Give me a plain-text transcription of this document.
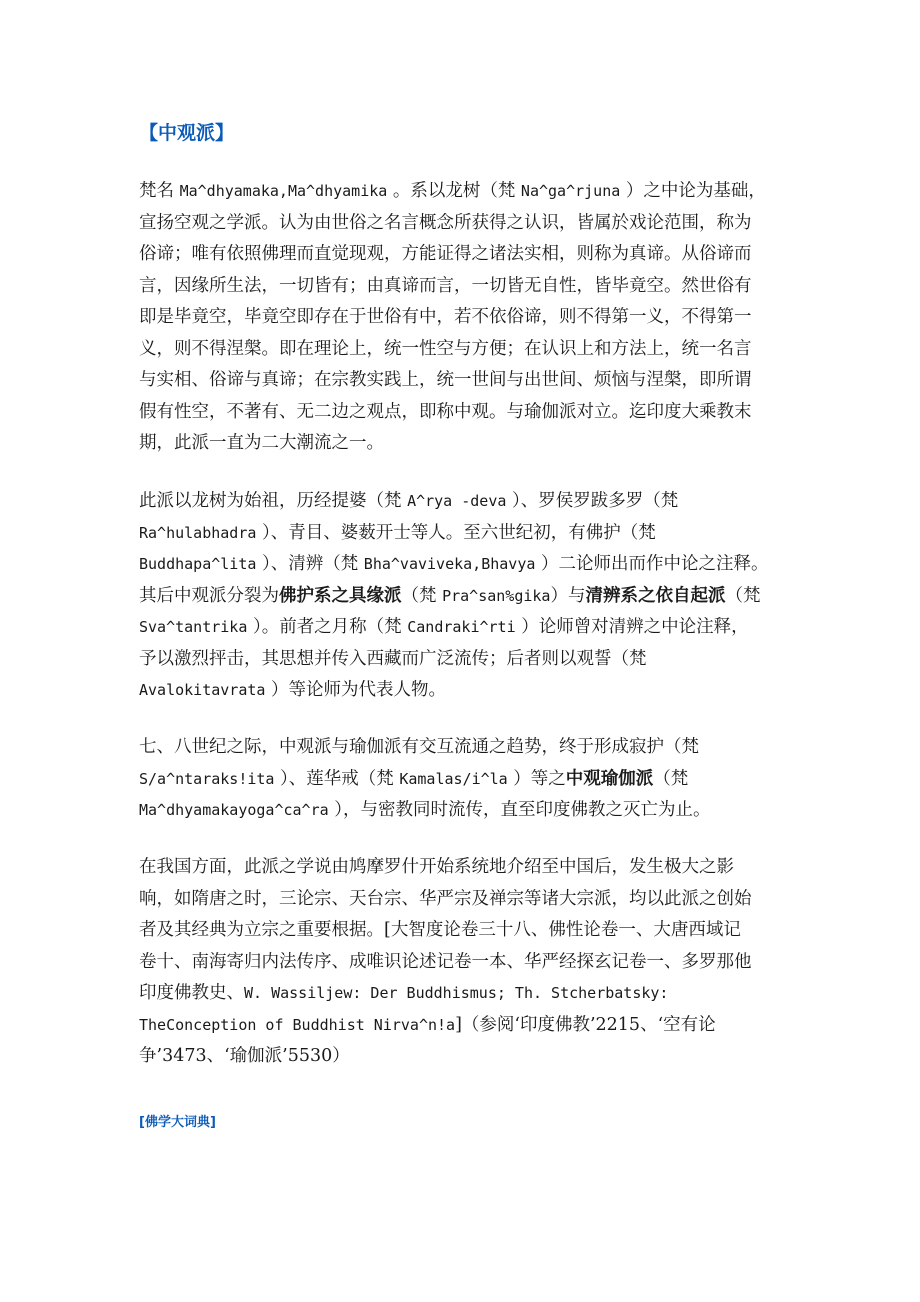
【中观派】
梵名 Ma^dhyamaka,Ma^dhyamika 。系以龙树（梵 Na^ga^rjuna ）之中论为基础，
宣扬空观之学派。认为由世俗之名言概念所获得之认识，皆属於戏论范围，称为
俗谛；唯有依照佛理而直觉现观，方能证得之诸法实相，则称为真谛。从俗谛而
言，因缘所生法，一切皆有；由真谛而言，一切皆无自性，皆毕竟空。然世俗有
即是毕竟空，毕竟空即存在于世俗有中，若不依俗谛，则不得第一义，不得第一
义，则不得涅槃。即在理论上，统一性空与方便；在认识上和方法上，统一名言
与实相、俗谛与真谛；在宗教实践上，统一世间与出世间、烦恼与涅槃，即所谓
假有性空，不著有、无二边之观点，即称中观。与瑜伽派对立。迄印度大乘教末
期，此派一直为二大潮流之一。
此派以龙树为始祖，历经提婆（梵 A^rya -deva ）、罗侯罗跋多罗（梵
Ra^hulabhadra ）、青目、婆薮开士等人。至六世纪初，有佛护（梵
Buddhapa^lita ）、清辨（梵 Bha^vaviveka,Bhavya ）二论师出而作中论之注释。
其后中观派分裂为佛护系之具缘派（梵 Pra^san%gika）与清辨系之依自起派（梵
Sva^tantrika ）。前者之月称（梵 Candraki^rti ）论师曾对清辨之中论注释，
予以激烈抨击，其思想并传入西藏而广泛流传；后者则以观誓（梵
Avalokitavrata ）等论师为代表人物。
七、八世纪之际，中观派与瑜伽派有交互流通之趋势，终于形成寂护（梵
S/a^ntaraks!ita ）、莲华戒（梵 Kamalas/i^la ）等之中观瑜伽派（梵
Ma^dhyamakayoga^ca^ra ），与密教同时流传，直至印度佛教之灭亡为止。
在我国方面，此派之学说由鸠摩罗什开始系统地介绍至中国后，发生极大之影
响，如隋唐之时，三论宗、天台宗、华严宗及禅宗等诸大宗派，均以此派之创始
者及其经典为立宗之重要根据。[大智度论卷三十八、佛性论卷一、大唐西域记
卷十、南海寄归内法传序、成唯识论述记卷一本、华严经探玄记卷一、多罗那他
印度佛教史、W. Wassiljew: Der Buddhismus; Th. Stcherbatsky:
TheConception of Buddhist Nirva^n!a]（参阅‘印度佛教’2215、‘空有论
争’3473、‘瑜伽派’5530）
[佛学大词典]
